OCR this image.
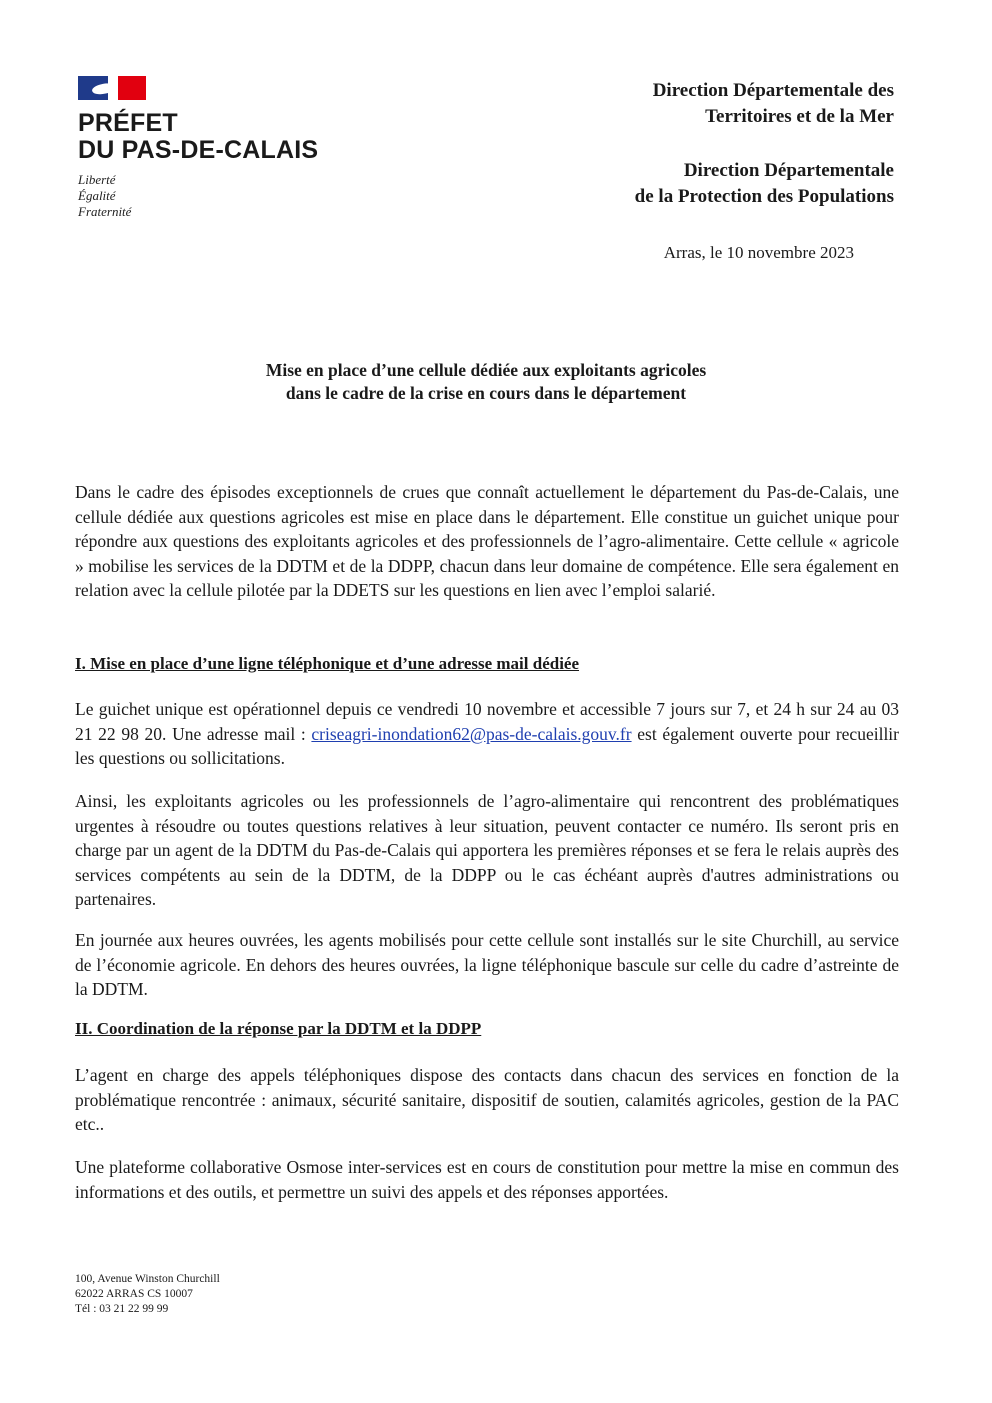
PRÉFET
DU PAS-DE-CALAIS
Liberté
Égalité
Fraternité
Direction Départementale des
Territoires et de la Mer
Direction Départementale
de la Protection des Populations
Arras, le 10 novembre 2023
Mise en place d’une cellule dédiée aux exploitants agricoles
dans le cadre de la crise en cours dans le département

Dans le cadre des épisodes exceptionnels de crues que connaît actuellement le département du Pas-de-Calais, une cellule dédiée aux questions agricoles est mise en place dans le département. Elle constitue un guichet unique pour répondre aux questions des exploitants agricoles et des professionnels de l’agro-alimentaire. Cette cellule « agricole » mobilise les services de la DDTM et de la DDPP, chacun dans leur domaine de compétence. Elle sera également en relation avec la cellule pilotée par la DDETS sur les questions en lien avec l’emploi salarié.

I. Mise en place d’une ligne téléphonique et d’une adresse mail dédiée

Le guichet unique est opérationnel depuis ce vendredi 10 novembre et accessible 7 jours sur 7, et 24 h sur 24 au 03 21 22 98 20. Une adresse mail : criseagri-inondation62@pas-de-calais.gouv.fr est également ouverte pour recueillir les questions ou sollicitations.

Ainsi, les exploitants agricoles ou les professionnels de l’agro-alimentaire qui rencontrent des problématiques urgentes à résoudre ou toutes questions relatives à leur situation, peuvent contacter ce numéro. Ils seront pris en charge par un agent de la DDTM du Pas-de-Calais qui apportera les premières réponses et se fera le relais auprès des services compétents au sein de la DDTM, de la DDPP ou le cas échéant auprès d'autres administrations ou partenaires.

En journée aux heures ouvrées, les agents mobilisés pour cette cellule sont installés sur le site Churchill, au service de l’économie agricole. En dehors des heures ouvrées, la ligne téléphonique bascule sur celle du cadre d’astreinte de la DDTM.

II. Coordination de la réponse par la DDTM et la DDPP

L’agent en charge des appels téléphoniques dispose des contacts dans chacun des services en fonction de la problématique rencontrée : animaux, sécurité sanitaire, dispositif de soutien, calamités agricoles, gestion de la PAC etc..

Une plateforme collaborative Osmose inter-services est en cours de constitution pour mettre la mise en commun des informations et des outils, et permettre un suivi des appels et des réponses apportées.

100, Avenue Winston Churchill
62022 ARRAS CS 10007
Tél : 03 21 22 99 99
